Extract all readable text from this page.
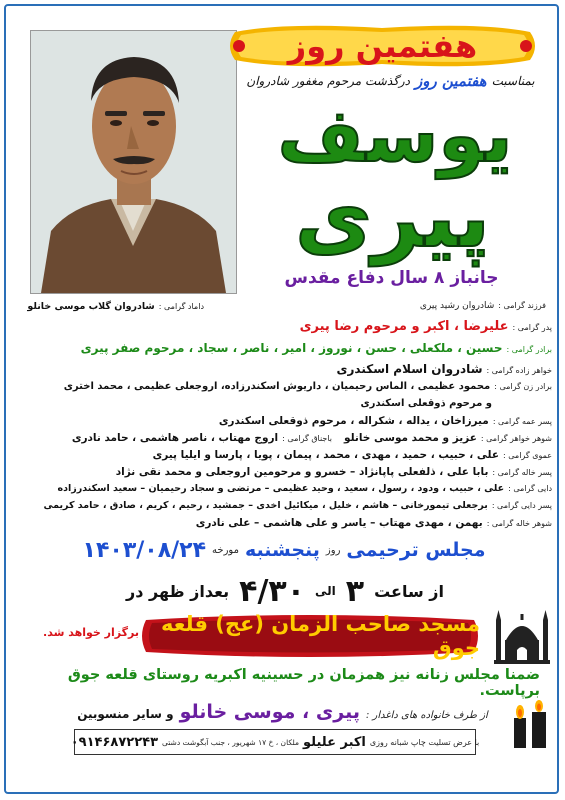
هفتمین روز
بمناسبت
هفتمین روز
درگذشت مرحوم مغفور شادروان
یوسف
پیری
جانباز ۸ سال دفاع مقدس
داماد گرامی :
شادروان گلاب موسی خانلو	فرزند گرامی :
شادروان رشید پیری
پدر گرامی :
علیرضا ، اکبر و مرحوم رضا پیری
برادر گرامی :
حسین ، ملکعلی ، حسن ، نوروز ، امیر ، ناصر ، سجاد ، مرحوم صفر پیری
خواهر زاده گرامی :
شادروان اسلام اسکندری
برادر زن گرامی :
محمود عظیمی ، الماس رحیمیان ، داریوش اسکندرزاده، اروجعلی عظیمی ، محمد اختری
و مرحوم ذوقعلی اسکندری
پسر عمه گرامی :
میرزاخان ، یداله ، شکراله ، مرحوم ذوقعلی اسکندری
شوهر خواهر گرامی :
عزیز و محمد موسی خانلو
باجناق گرامی :
اروج مهتاب ، ناصر هاشمی ، حامد نادری
عموی گرامی :
علی ، حبیب ، حمید ، مهدی ، محمد ، پیمان ، پویا ، پارسا و ایلیا پیری
پسر خاله گرامی :
بابا علی ، ذلفعلی پاپانژاد – خسرو و مرحومین اروجعلی و محمد نقی نژاد
دایی گرامی :
علی ، حبیب ، ودود ، رسول ، سعید ، وحید عظیمی – مرتضی و سجاد رحیمیان – سعید اسکندرزاده
پسر دایی گرامی :
برجعلی تیمورخانی – هاشم ، خلیل ، میکائیل اخدی – جمشید ، رحیم ، کریم ، صادق ، حامد کریمی
شوهر خاله گرامی :
بهمن ، مهدی مهتاب – یاسر و علی هاشمی – علی نادری
مجلس ترحیمی
روز
پنجشنبه
مورخه
۱۴۰۳/۰۸/۲۴
از ساعت
۳
الی
۴/۳۰
بعداز ظهر در
برگزار خواهد شد.	مسجد صاحب الزمان (عج) قلعه جوق
ضمنا مجلس زنانه نیز همزمان در حسینیه اکبریه روستای قلعه جوق برپاست.
از طرف خانواده های داغدار :
پیری ، موسی خانلو
و سایر منسوبین
با عرض تسلیت چاپ شبانه روزی
اکبر علیلو
ملکان ، خ ۱۷ شهریور ، جنب آبگوشت دشتی
۰۹۱۴۶۸۷۲۲۴۳
